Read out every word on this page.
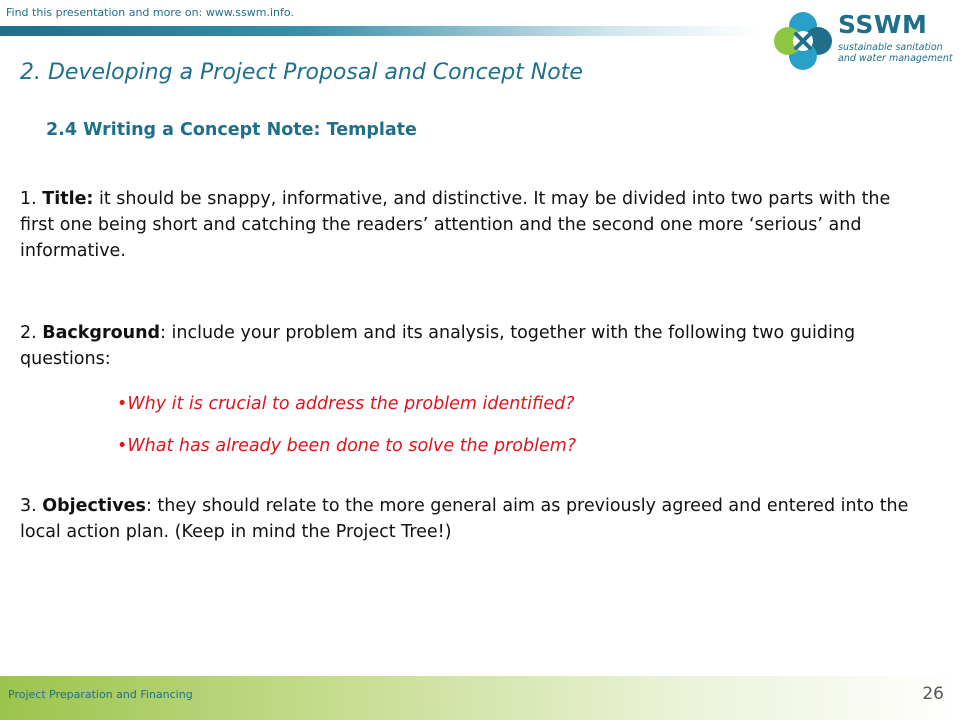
Find this presentation and more on: www.sswm.info.	SSWM
sustainable sanitation
and water management
2. Developing a Project Proposal and Concept Note
2.4 Writing a Concept Note: Template
1. Title: it should be snappy, informative, and distinctive. It may be divided into two parts with the first one being short and catching the readers’ attention and the second one more ‘serious’ and informative.
2. Background: include your problem and its analysis, together with the following two guiding questions:
•Why it is crucial to address the problem identified?
•What has already been done to solve the problem?
3. Objectives: they should relate to the more general aim as previously agreed and entered into the local action plan. (Keep in mind the Project Tree!)
Project Preparation and Financing	26
